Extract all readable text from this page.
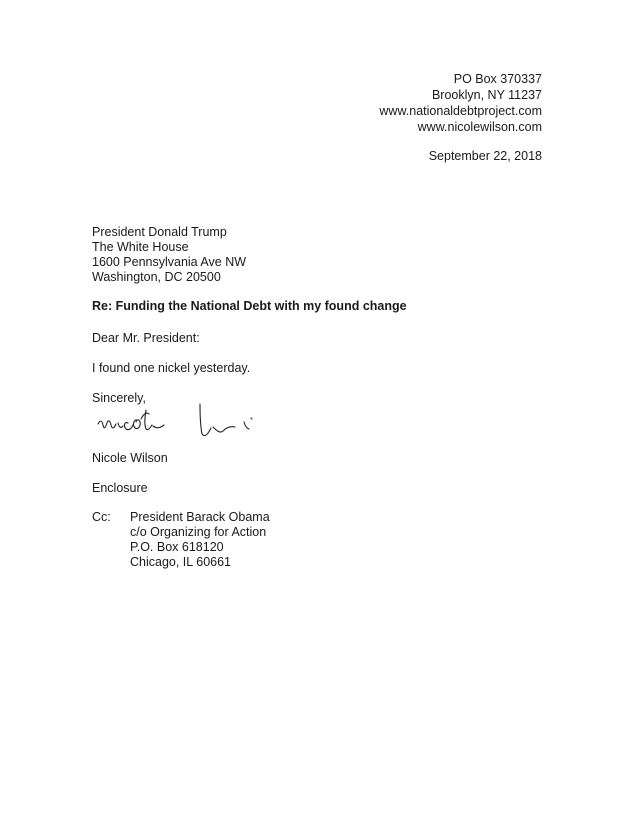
PO Box 370337
Brooklyn, NY 11237
www.nationaldebtproject.com
www.nicolewilson.com
September 22, 2018
President Donald Trump
The White House
1600 Pennsylvania Ave NW
Washington, DC 20500
Re: Funding the National Debt with my found change
Dear Mr. President:
I found one nickel yesterday.
Sincerely,
Nicole Wilson
Enclosure
Cc: President Barack Obama
c/o Organizing for Action
P.O. Box 618120
Chicago, IL 60661
